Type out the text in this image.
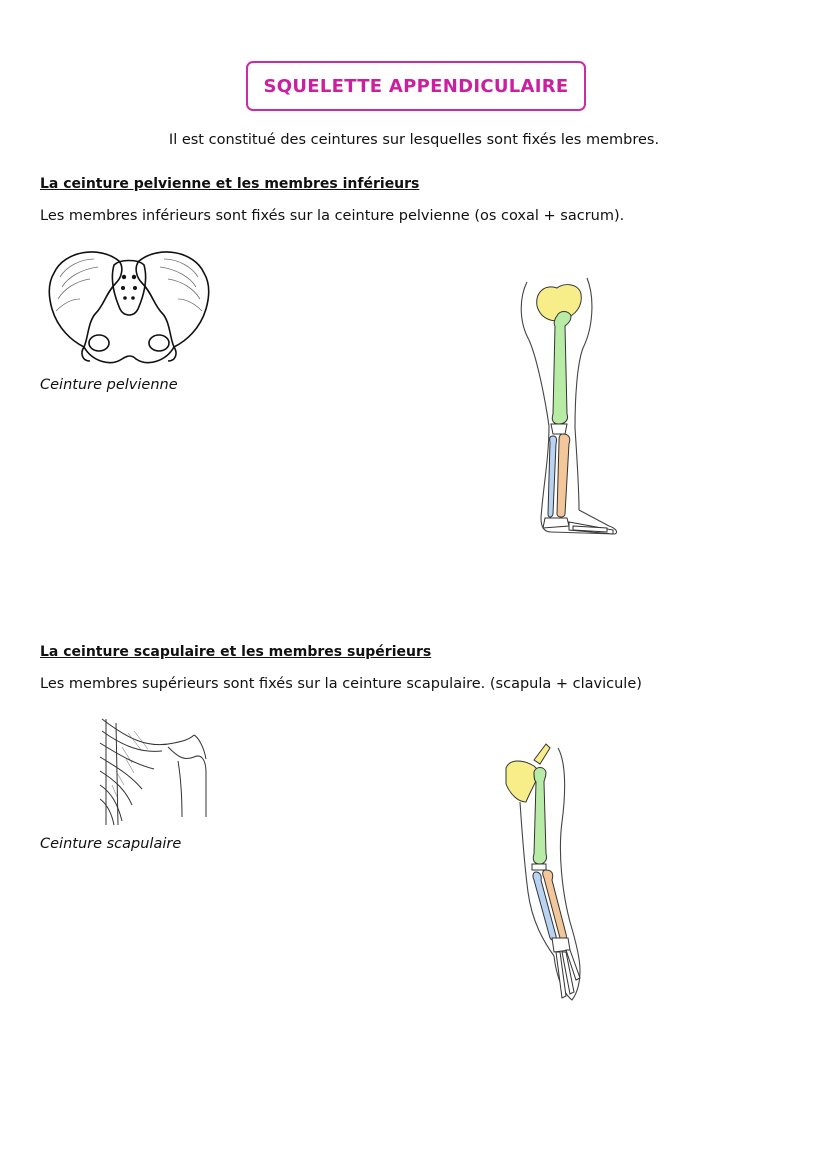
SQUELETTE APPENDICULAIRE
Il est constitué des ceintures sur lesquelles sont fixés les membres.
La ceinture pelvienne et les membres inférieurs
Les membres inférieurs sont fixés sur la ceinture pelvienne (os coxal + sacrum).
Ceinture pelvienne
La ceinture scapulaire et les membres supérieurs
Les membres supérieurs sont fixés sur la ceinture scapulaire. (scapula + clavicule)
Ceinture scapulaire
